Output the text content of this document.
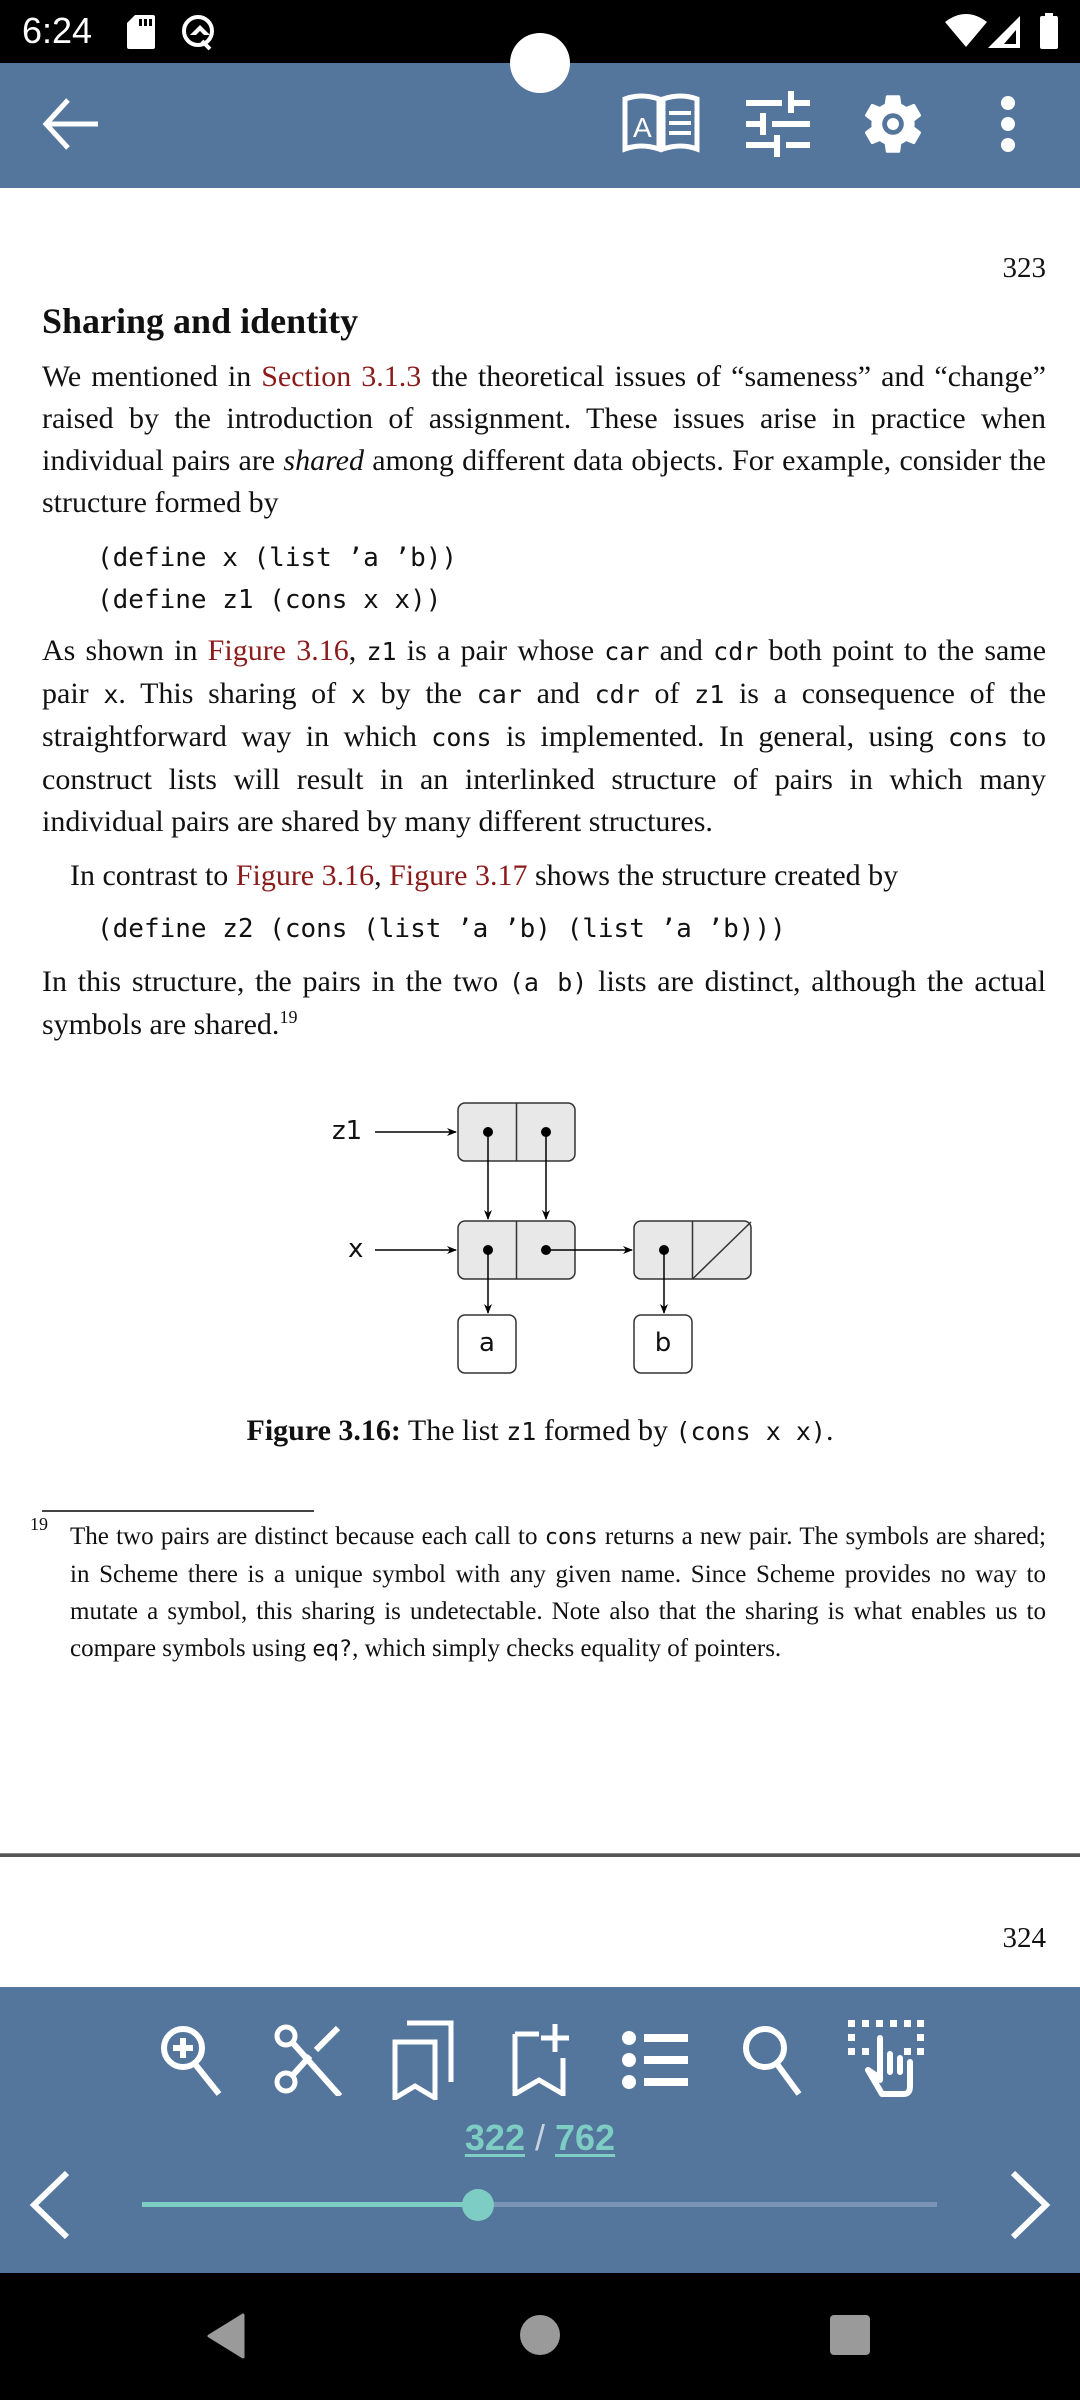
6:24
A
323
Sharing and identity

We mentioned in Section 3.1.3 the theoretical issues of “sameness” and “change” raised by the introduction of assignment. These issues arise in practice when individual pairs are shared among different data objects. For example, consider the structure formed by

(define x (list ’a ’b))
(define z1 (cons x x))

As shown in Figure 3.16, z1 is a pair whose car and cdr both point to the same pair x. This sharing of x by the car and cdr of z1 is a consequence of the straightforward way in which cons is implemented. In general, using cons to construct lists will result in an interlinked structure of pairs in which many individual pairs are shared by many different structures.

In contrast to Figure 3.16, Figure 3.17 shows the structure created by

(define z2 (cons (list ’a ’b) (list ’a ’b)))

In this structure, the pairs in the two (a b) lists are distinct, although the actual symbols are shared.$^{19}$

z1
x
a	b
Figure 3.16: The list z1 formed by (cons x x).
19 The two pairs are distinct because each call to cons returns a new pair. The symbols are shared; in Scheme there is a unique symbol with any given name. Since Scheme provides no way to mutate a symbol, this sharing is undetectable. Note also that the sharing is what enables us to compare symbols using eq?, which simply checks equality of pointers.

324
322 / 762
